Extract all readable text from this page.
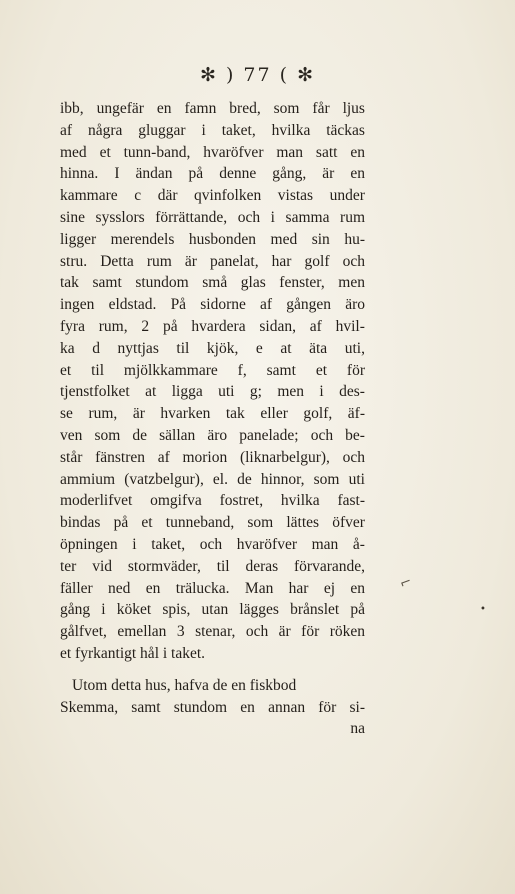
✻ ) 77 ( ✻
ibb, ungefär en famn bred, som får ljus
af några gluggar i taket, hvilka täckas
med et tunn-band, hvaröfver man satt en
hinna. I ändan på denne gång, är en
kammare c där qvinfolken vistas under
sine sysslors förrättande, och i samma rum
ligger merendels husbonden med sin hu-
stru. Detta rum är panelat, har golf och
tak samt stundom små glas fenster, men
ingen eldstad. På sidorne af gången äro
fyra rum, 2 på hvardera sidan, af hvil-
ka d nyttjas til kjök, e at äta uti,
et til mjölkkammare f, samt et för
tjenstfolket at ligga uti g; men i des-
se rum, är hvarken tak eller golf, äf-
ven som de sällan äro panelade; och be-
står fänstren af morion (liknarbelgur), och
ammium (vatzbelgur), el. de hinnor, som uti
moderlifvet omgifva fostret, hvilka fast-
bindas på et tunneband, som lättes öfver
öpningen i taket, och hvaröfver man å-
ter vid stormväder, til deras förvarande,
fäller ned en trälucka. Man har ej en
gång i köket spis, utan lägges brånslet på
gålfvet, emellan 3 stenar, och är för röken
et fyrkantigt hål i taket.
Utom detta hus, hafva de en fiskbod
Skemma, samt stundom en annan för si-
na
⌐
•
